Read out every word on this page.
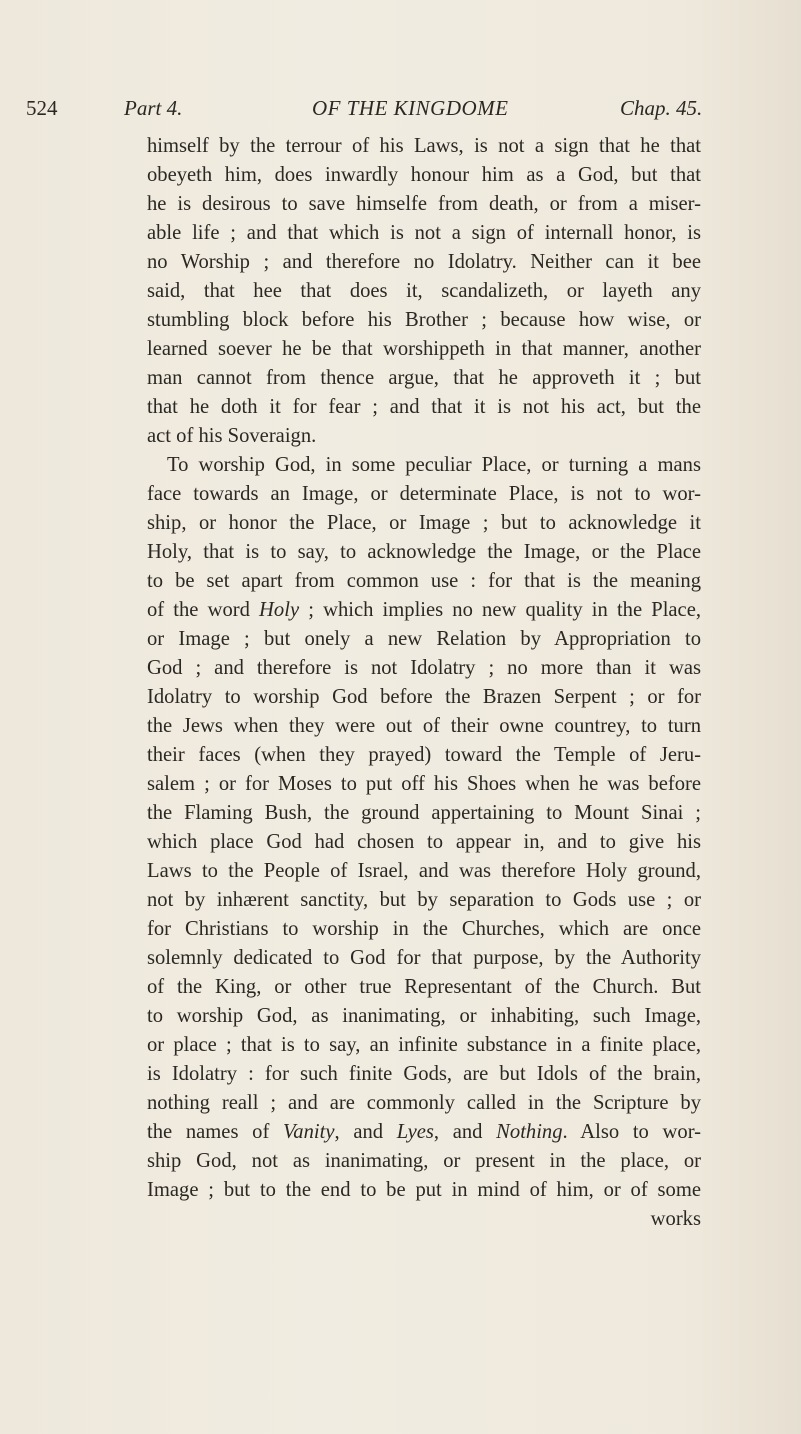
524	Part 4.	OF THE KINGDOME	Chap. 45.
himself by the terrour of his Laws, is not a sign that he that
obeyeth him, does inwardly honour him as a God, but that
he is desirous to save himselfe from death, or from a miser-
able life ; and that which is not a sign of internall honor, is
no Worship ; and therefore no Idolatry. Neither can it bee
said, that hee that does it, scandalizeth, or layeth any
stumbling block before his Brother ; because how wise, or
learned soever he be that worshippeth in that manner, another
man cannot from thence argue, that he approveth it ; but
that he doth it for fear ; and that it is not his act, but the
act of his Soveraign.
To worship God, in some peculiar Place, or turning a mans
face towards an Image, or determinate Place, is not to wor-
ship, or honor the Place, or Image ; but to acknowledge it
Holy, that is to say, to acknowledge the Image, or the Place
to be set apart from common use : for that is the meaning
of the word Holy ; which implies no new quality in the Place,
or Image ; but onely a new Relation by Appropriation to
God ; and therefore is not Idolatry ; no more than it was
Idolatry to worship God before the Brazen Serpent ; or for
the Jews when they were out of their owne countrey, to turn
their faces (when they prayed) toward the Temple of Jeru-
salem ; or for Moses to put off his Shoes when he was before
the Flaming Bush, the ground appertaining to Mount Sinai ;
which place God had chosen to appear in, and to give his
Laws to the People of Israel, and was therefore Holy ground,
not by inhærent sanctity, but by separation to Gods use ; or
for Christians to worship in the Churches, which are once
solemnly dedicated to God for that purpose, by the Authority
of the King, or other true Representant of the Church. But
to worship God, as inanimating, or inhabiting, such Image,
or place ; that is to say, an infinite substance in a finite place,
is Idolatry : for such finite Gods, are but Idols of the brain,
nothing reall ; and are commonly called in the Scripture by
the names of Vanity, and Lyes, and Nothing. Also to wor-
ship God, not as inanimating, or present in the place, or
Image ; but to the end to be put in mind of him, or of some
works
